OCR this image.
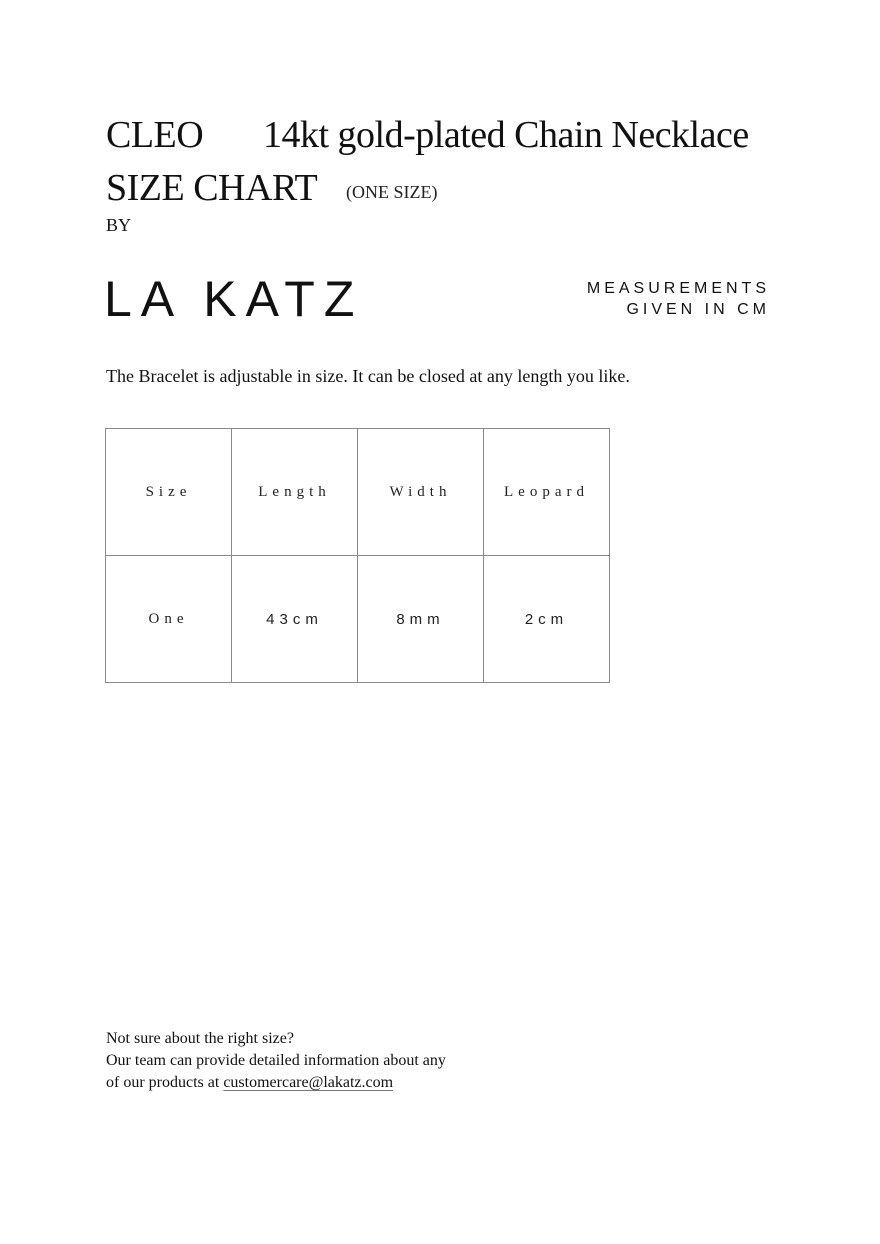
CLEO 14kt gold-plated Chain Necklace
SIZE CHART (ONE SIZE)
BY
LA KATZ	MEASUREMENTS
GIVEN IN CM
The Bracelet is adjustable in size. It can be closed at any length you like.
Size	Length	Width	Leopard
One	43cm	8mm	2cm
Not sure about the right size?
Our team can provide detailed information about any
of our products at customercare@lakatz.com
